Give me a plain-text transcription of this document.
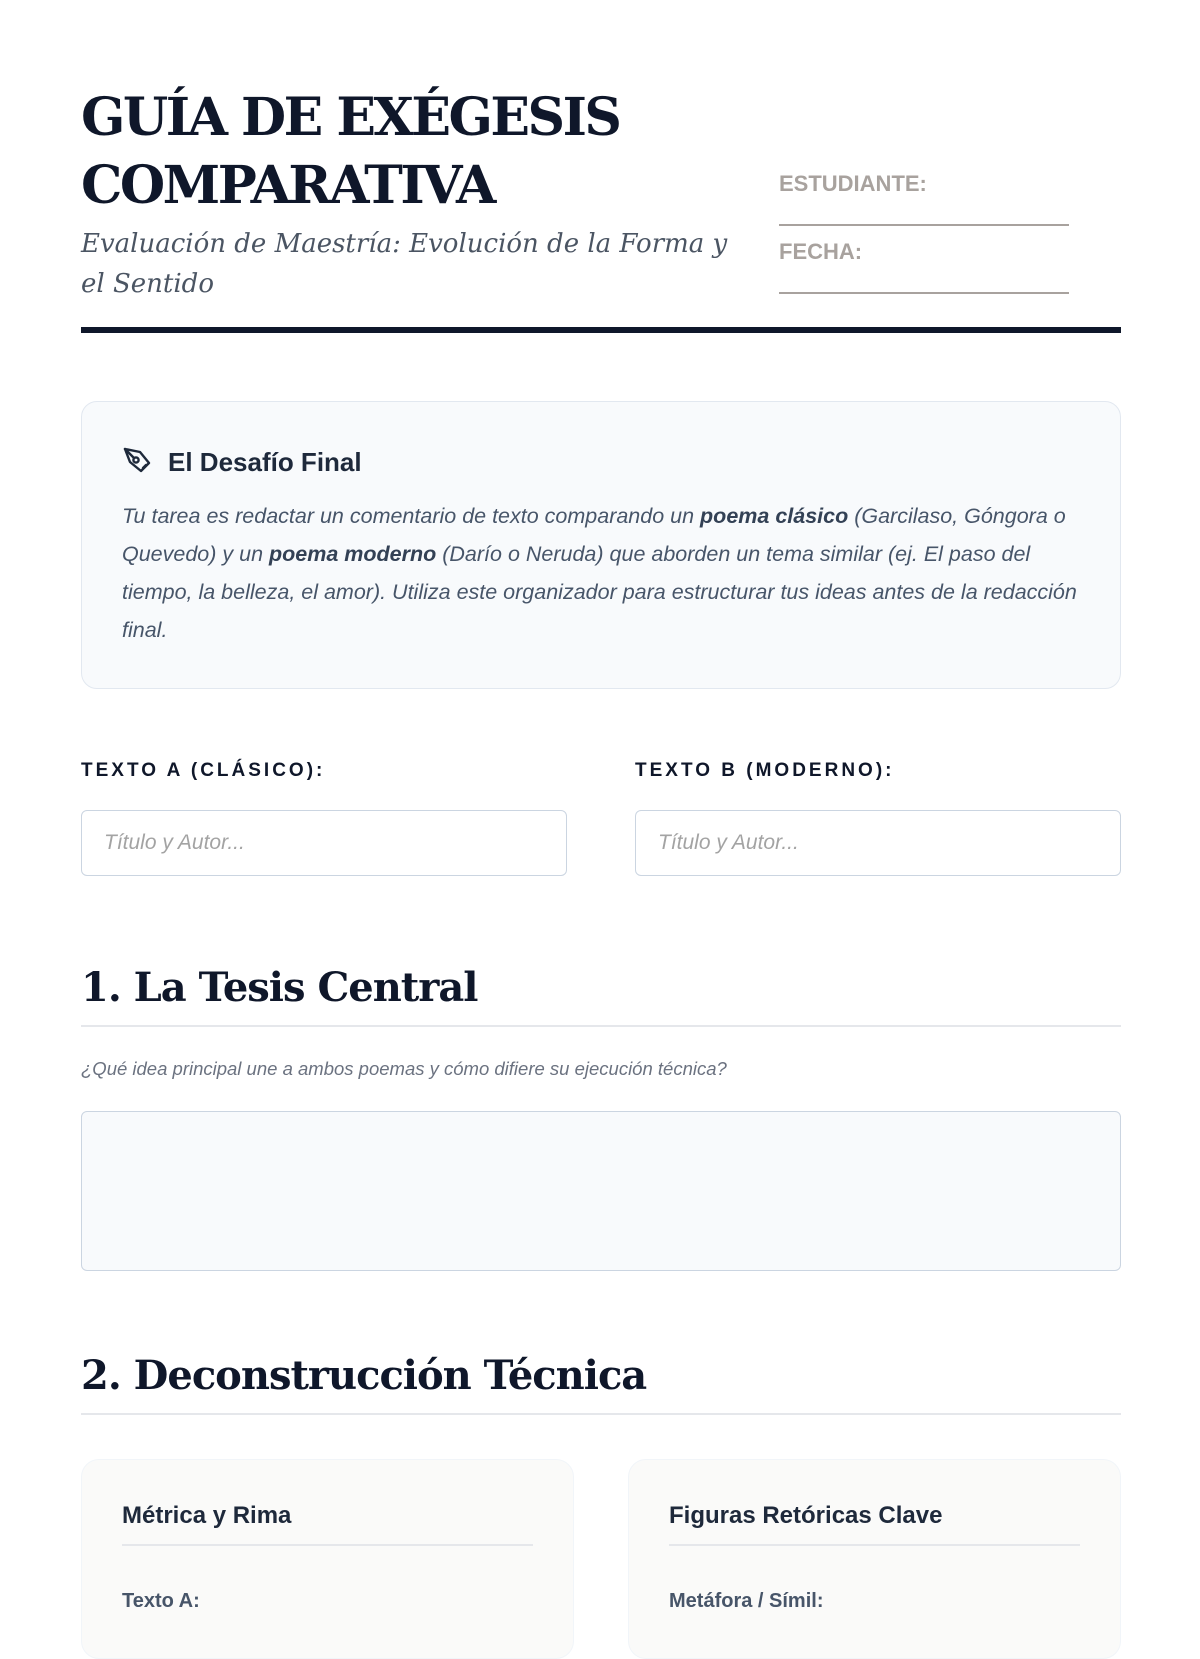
GUÍA DE EXÉGESIS COMPARATIVA

Evaluación de Maestría: Evolución de la Forma y el Sentido

ESTUDIANTE:
FECHA:
El Desafío Final

Tu tarea es redactar un comentario de texto comparando un poema clásico (Garcilaso, Góngora o Quevedo) y un poema moderno (Darío o Neruda) que aborden un tema similar (ej. El paso del tiempo, la belleza, el amor). Utiliza este organizador para estructurar tus ideas antes de la redacción final.

TEXTO A (CLÁSICO):
Título y Autor...	TEXTO B (MODERNO):
Título y Autor...
1. La Tesis Central

¿Qué idea principal une a ambos poemas y cómo difiere su ejecución técnica?

2. Deconstrucción Técnica
Métrica y Rima
Texto A:
Figuras Retóricas Clave
Metáfora / Símil:
